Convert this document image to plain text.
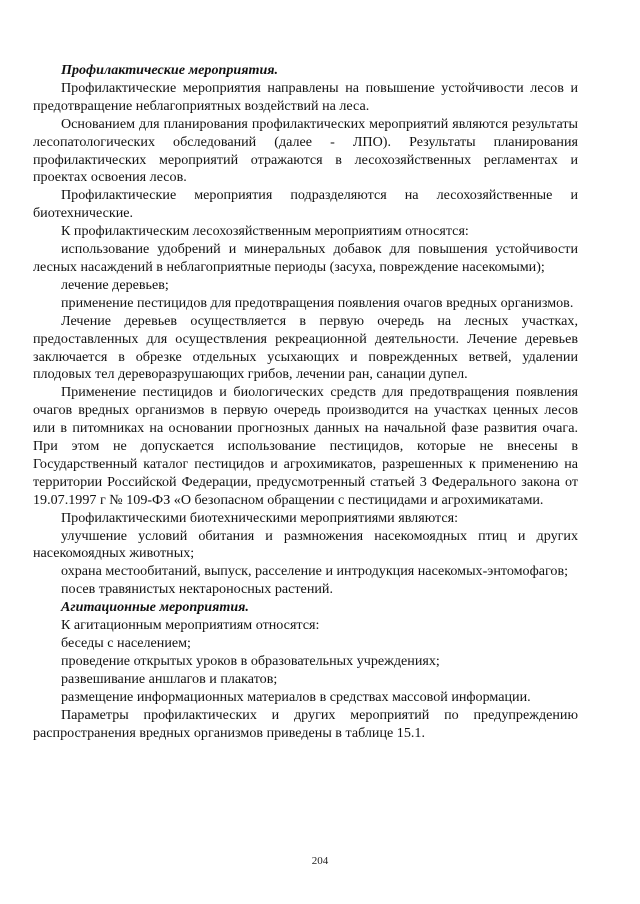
Профилактические мероприятия.

Профилактические мероприятия направлены на повышение устойчивости лесов и предотвращение неблагоприятных воздействий на леса.

Основанием для планирования профилактических мероприятий являются результаты лесопатологических обследований (далее - ЛПО). Результаты планирования профилактических мероприятий отражаются в лесохозяйственных регламентах и проектах освоения лесов.

Профилактические мероприятия подразделяются на лесохозяйственные и биотехнические.

К профилактическим лесохозяйственным мероприятиям относятся:

использование удобрений и минеральных добавок для повышения устойчивости лесных насаждений в неблагоприятные периоды (засуха, повреждение насекомыми);

лечение деревьев;

применение пестицидов для предотвращения появления очагов вредных организмов.

Лечение деревьев осуществляется в первую очередь на лесных участках, предоставленных для осуществления рекреационной деятельности. Лечение деревьев заключается в обрезке отдельных усыхающих и поврежденных ветвей, удалении плодовых тел дереворазрушающих грибов, лечении ран, санации дупел.

Применение пестицидов и биологических средств для предотвращения появления очагов вредных организмов в первую очередь производится на участках ценных лесов или в питомниках на основании прогнозных данных на начальной фазе развития очага. При этом не допускается использование пестицидов, которые не внесены в Государственный каталог пестицидов и агрохимикатов, разрешенных к применению на территории Российской Федерации, предусмотренный статьей 3 Федерального закона от 19.07.1997 г № 109-ФЗ «О безопасном обращении с пестицидами и агрохимикатами.

Профилактическими биотехническими мероприятиями являются:

улучшение условий обитания и размножения насекомоядных птиц и других насекомоядных животных;

охрана местообитаний, выпуск, расселение и интродукция насекомых-энтомофагов;

посев травянистых нектароносных растений.

Агитационные мероприятия.

К агитационным мероприятиям относятся:

беседы с населением;

проведение открытых уроков в образовательных учреждениях;

развешивание аншлагов и плакатов;

размещение информационных материалов в средствах массовой информации.

Параметры профилактических и других мероприятий по предупреждению распространения вредных организмов приведены в таблице 15.1.

204
